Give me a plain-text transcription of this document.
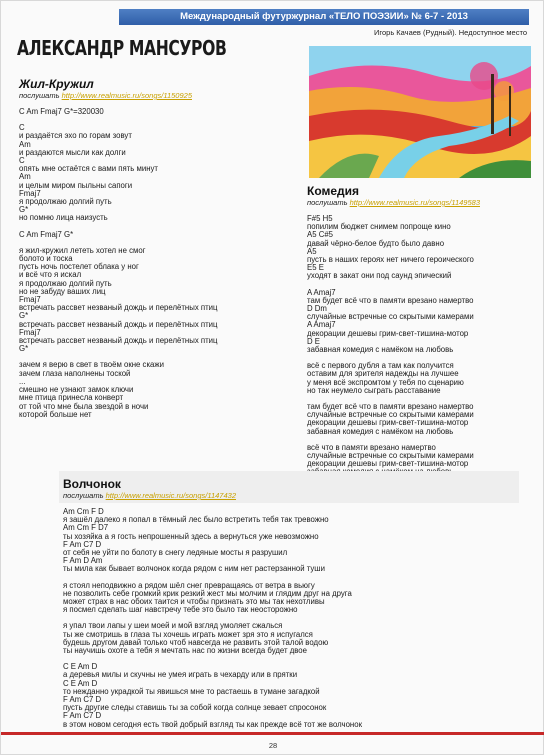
Международный футуржурнал «ТЕЛО ПОЭЗИИ» № 6-7 - 2013
Игорь Качаев (Рудный). Недоступное место
АЛЕКСАНДР МАНСУРОВ
Жил-Кружил
послушать http://www.realmusic.ru/songs/1150925
C Am Fmaj7 G*=320030
C
и раздаётся эхо по горам зовут
Am
и раздаются мысли как долги
C
опять мне остаётся с вами пять минут
Am
и целым миром пыльны сапоги
Fmaj7
я продолжаю долгий путь
G*
но помню лица наизусть
C Am Fmaj7 G*
я жил-кружил лететь хотел не смог
болото и тоска
пусть ночь постелет облака у ног
и всё что я искал
я продолжаю долгий путь
но не забуду ваших лиц
Fmaj7
встречать рассвет незваный дождь и перелётных птиц
G*
встречать рассвет незваный дождь и перелётных птиц
Fmaj7
встречать рассвет незваный дождь и перелётных птиц
G*
зачем я верю в свет в твоём окне скажи
зачем глаза наполнены тоской
...
смешно не узнают замок ключи
мне птица принесла конверт
от той что мне была звездой в ночи
которой больше нет
Комедия
послушать http://www.realmusic.ru/songs/1149583
F#5 H5
попилим бюджет снимем попроще кино
A5 C#5
давай чёрно-белое будто было давно
A5
пусть в наших героях нет ничего героического
E5 E
уходят в закат они под саунд эпический
A Amaj7
там будет всё что в памяти врезано намертво
D Dm
случайные встречные со скрытыми камерами
A Amaj7
декорации дешевы грим-свет-тишина-мотор
D E
забавная комедия с намёком на любовь
всё с первого дубля а там как получится
оставим для зрителя надежды на лучшее
у меня всё экспромтом у тебя по сценарию
но так неумело сыграть расставание
там будет всё что в памяти врезано намертво
случайные встречные со скрытыми камерами
декорации дешевы грим-свет-тишина-мотор
забавная комедия с намёком на любовь
всё что в памяти врезано намертво
случайные встречные со скрытыми камерами
декорации дешевы грим-свет-тишина-мотор
Волчонок
послушать http://www.realmusic.ru/songs/1147432
Am Cm F D
я зашёл далеко я попал в тёмный лес было встретить тебя так тревожно
Am Cm F D7
ты хозяйка а я гость непрошенный здесь а вернуться уже невозможно
F Am C7 D
от себя не уйти по болоту в снегу ледяные мосты я разрушил
F Am D Am
ты мила как бывает волчонок когда рядом с ним нет растерзанной туши
я стоял неподвижно а рядом шёл снег превращаясь от ветра в вьюгу
не позволить себе громкий крик резкий жест мы молчим и глядим друг на друга
может страх в нас обоих таится и чтобы признать это мы так нехотливы
я посмел сделать шаг навстречу тебе это было так неосторожно
я упал твои лапы у шеи моей и мой взгляд умоляет сжалься
ты же смотришь в глаза ты хочешь играть может зря это я испугался
будешь другом давай только чтоб навсегда не развить этой талой водою
ты научишь охоте а тебя я мечтать нас по жизни всегда будет двое
C E Am D
а деревья милы и скучны не умея играть в чехарду или в прятки
C E Am D
то нежданно украдкой ты явишься мне то растаешь в тумане загадкой
F Am C7 D
пусть другие следы ставишь ты за собой когда солнце зевает спросонок
F Am C7 D
в этом новом сегодня есть твой добрый взгляд ты как прежде всё тот же волчонок
28
